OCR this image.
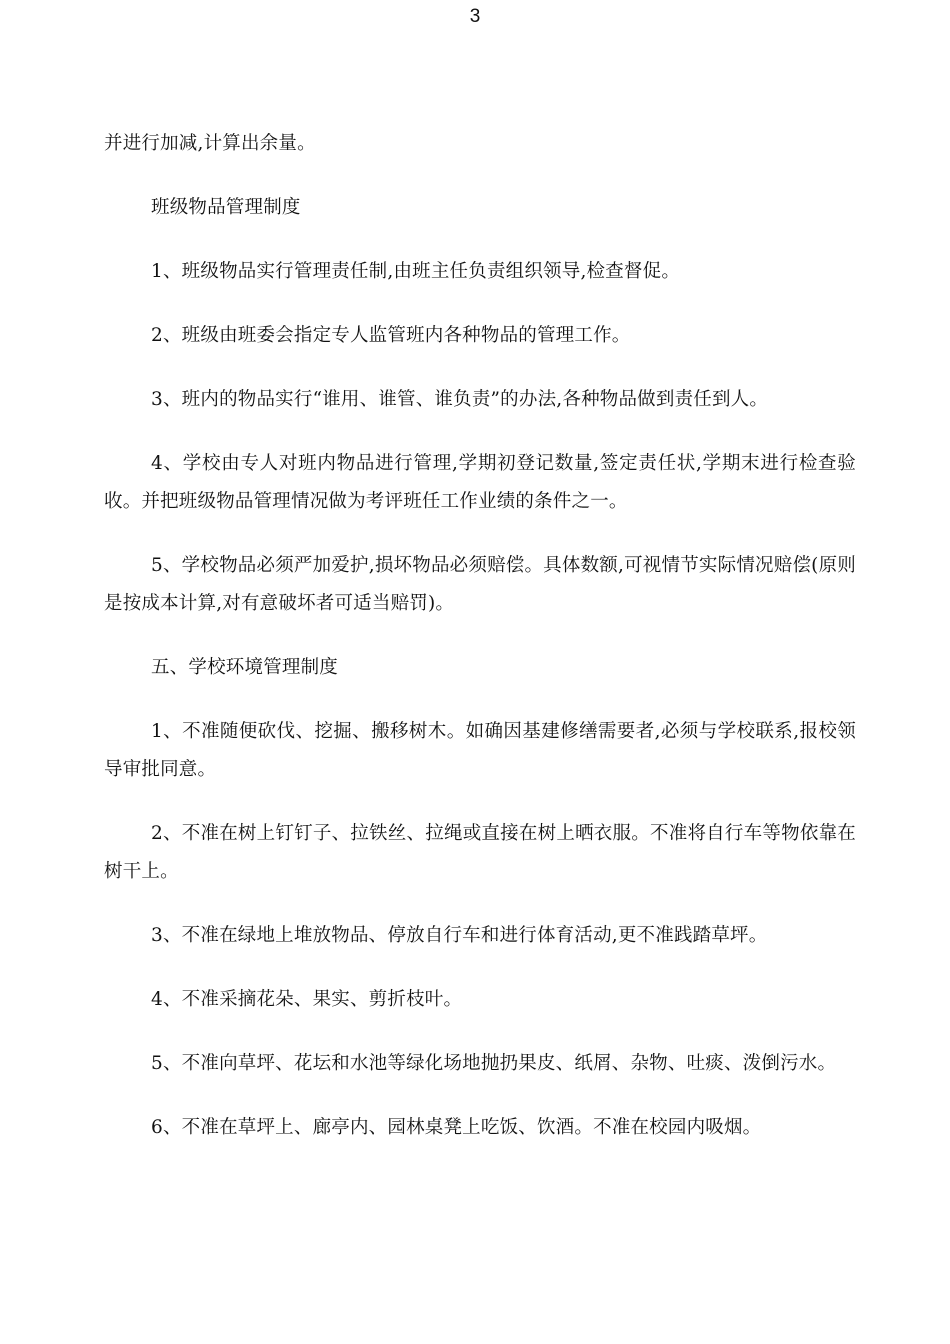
3

并进行加减,计算出余量。

班级物品管理制度

1、班级物品实行管理责任制,由班主任负责组织领导,检查督促。

2、班级由班委会指定专人监管班内各种物品的管理工作。

3、班内的物品实行“谁用、谁管、谁负责”的办法,各种物品做到责任到人。

4、学校由专人对班内物品进行管理,学期初登记数量,签定责任状,学期末进行检查验收。并把班级物品管理情况做为考评班任工作业绩的条件之一。

5、学校物品必须严加爱护,损坏物品必须赔偿。具体数额,可视情节实际情况赔偿(原则是按成本计算,对有意破坏者可适当赔罚)。

五、学校环境管理制度

1、不准随便砍伐、挖掘、搬移树木。如确因基建修缮需要者,必须与学校联系,报校领导审批同意。

2、不准在树上钉钉子、拉铁丝、拉绳或直接在树上晒衣服。不准将自行车等物依靠在树干上。

3、不准在绿地上堆放物品、停放自行车和进行体育活动,更不准践踏草坪。

4、不准采摘花朵、果实、剪折枝叶。

5、不准向草坪、花坛和水池等绿化场地抛扔果皮、纸屑、杂物、吐痰、泼倒污水。

6、不准在草坪上、廊亭内、园林桌凳上吃饭、饮酒。不准在校园内吸烟。
